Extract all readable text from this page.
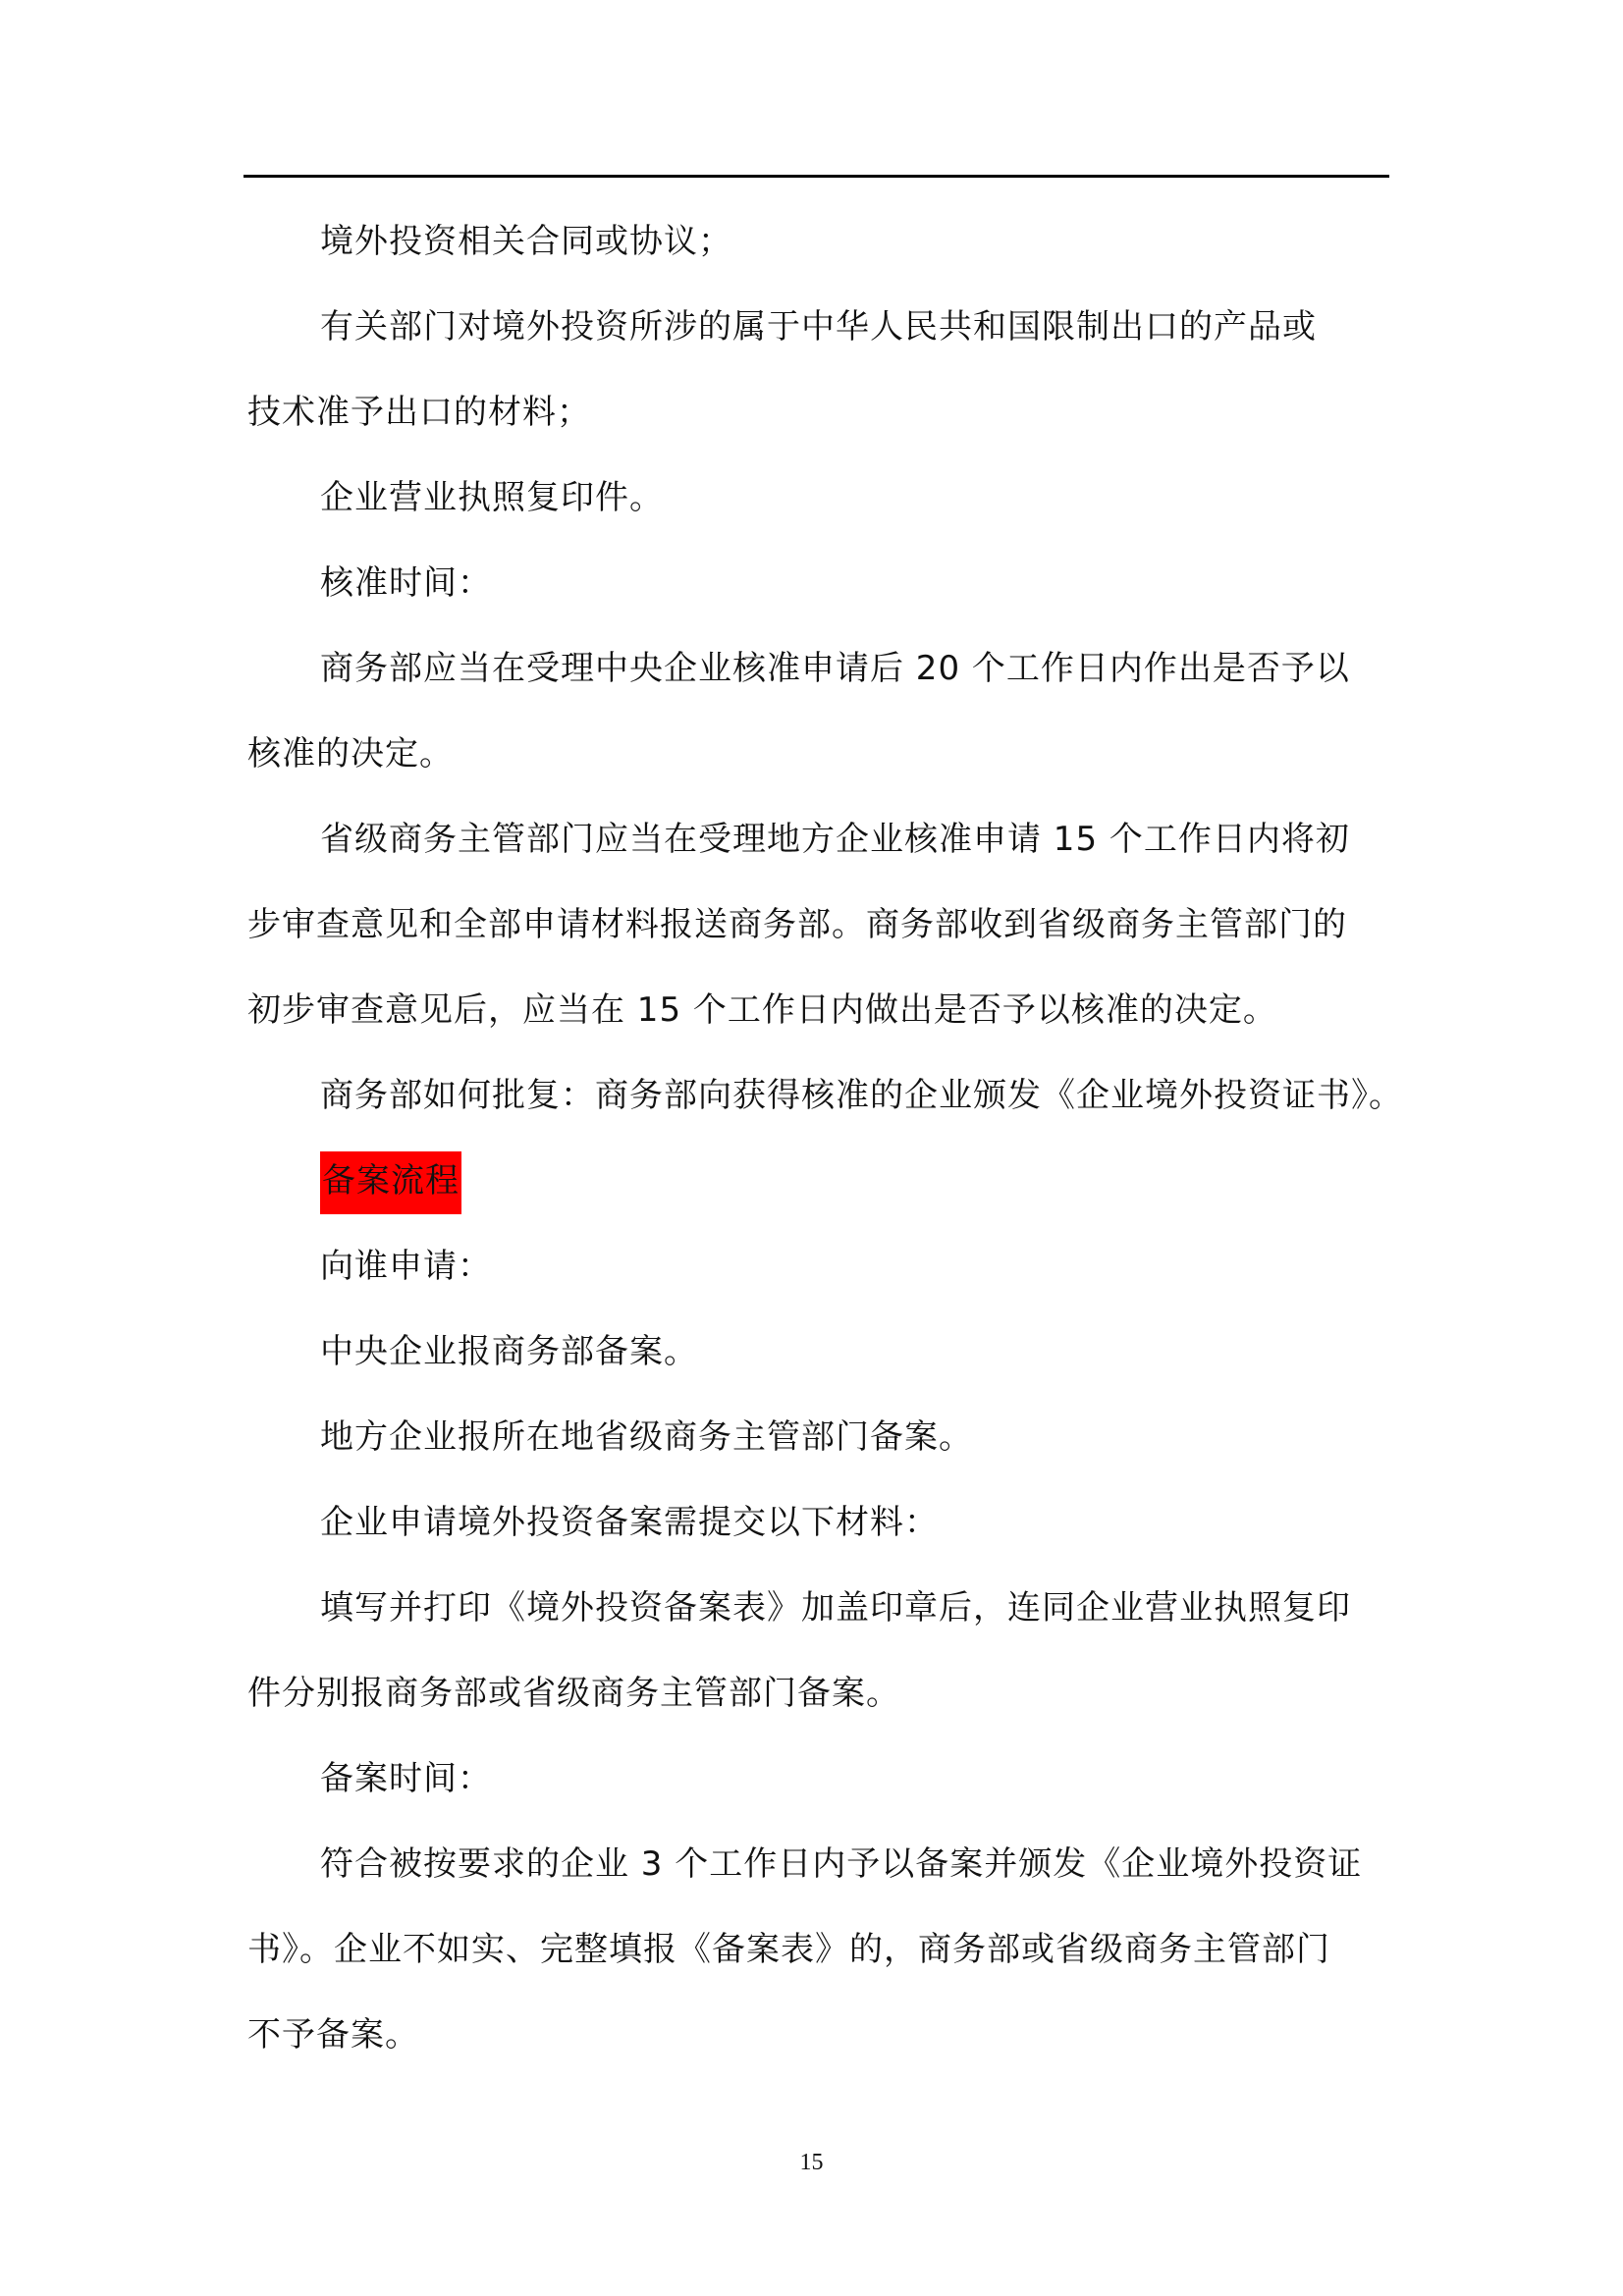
境外投资相关合同或协议；
有关部门对境外投资所涉的属于中华人民共和国限制出口的产品或
技术准予出口的材料；
企业营业执照复印件。
核准时间：
商务部应当在受理中央企业核准申请后 20 个工作日内作出是否予以
核准的决定。
省级商务主管部门应当在受理地方企业核准申请 15 个工作日内将初
步审查意见和全部申请材料报送商务部。商务部收到省级商务主管部门的
初步审查意见后，应当在 15 个工作日内做出是否予以核准的决定。
商务部如何批复：商务部向获得核准的企业颁发《企业境外投资证书》。
备案流程
向谁申请：
中央企业报商务部备案。
地方企业报所在地省级商务主管部门备案。
企业申请境外投资备案需提交以下材料：
填写并打印《境外投资备案表》加盖印章后，连同企业营业执照复印
件分别报商务部或省级商务主管部门备案。
备案时间：
符合被按要求的企业 3 个工作日内予以备案并颁发《企业境外投资证
书》。企业不如实、完整填报《备案表》的，商务部或省级商务主管部门
不予备案。
15
